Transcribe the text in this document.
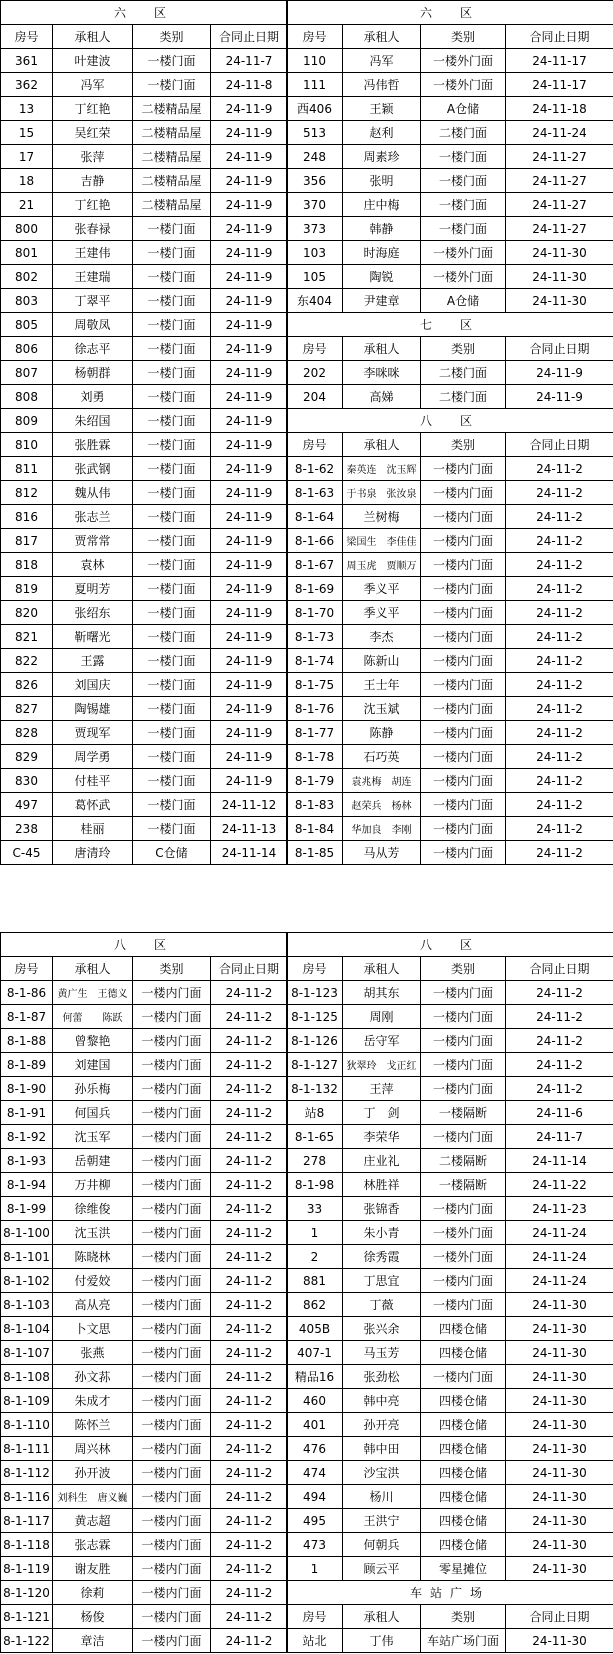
六　区			
房号	承租人	类别	合同止日期
361	叶建波	一楼门面	24-11-7
362	冯军	一楼门面	24-11-8
13	丁红艳	二楼精品屋	24-11-9
15	吴红荣	二楼精品屋	24-11-9
17	张萍	二楼精品屋	24-11-9
18	吉静	二楼精品屋	24-11-9
21	丁红艳	二楼精品屋	24-11-9
800	张春禄	一楼门面	24-11-9
801	王建伟	一楼门面	24-11-9
802	王建瑞	一楼门面	24-11-9
803	丁翠平	一楼门面	24-11-9
805	周敬凤	一楼门面	24-11-9
806	徐志平	一楼门面	24-11-9
807	杨朝群	一楼门面	24-11-9
808	刘勇	一楼门面	24-11-9
809	朱绍国	一楼门面	24-11-9
810	张胜霖	一楼门面	24-11-9
811	张武钢	一楼门面	24-11-9
812	魏从伟	一楼门面	24-11-9
816	张志兰	一楼门面	24-11-9
817	贾常常	一楼门面	24-11-9
818	袁林	一楼门面	24-11-9
819	夏明芳	一楼门面	24-11-9
820	张绍东	一楼门面	24-11-9
821	靳曙光	一楼门面	24-11-9
822	王露	一楼门面	24-11-9
826	刘国庆	一楼门面	24-11-9
827	陶锡雄	一楼门面	24-11-9
828	贾现军	一楼门面	24-11-9
829	周学勇	一楼门面	24-11-9
830	付桂平	一楼门面	24-11-9
497	葛怀武	一楼门面	24-11-12
238	桂丽	一楼门面	24-11-13
C-45	唐清玲	C仓储	24-11-14
六　区			
房号	承租人	类别	合同止日期
110	冯军	一楼外门面	24-11-17
111	冯伟哲	一楼外门面	24-11-17
西406	王颖	A仓储	24-11-18
513	赵利	二楼门面	24-11-24
248	周素珍	一楼门面	24-11-27
356	张明	一楼门面	24-11-27
370	庄中梅	一楼门面	24-11-27
373	韩静	一楼门面	24-11-27
103	时海庭	一楼外门面	24-11-30
105	陶锐	一楼外门面	24-11-30
东404	尹建章	A仓储	24-11-30
七　区			
房号	承租人	类别	合同止日期
202	李咪咪	二楼门面	24-11-9
204	高娣	二楼门面	24-11-9
八　区			
房号	承租人	类别	合同止日期
8-1-62	秦英连　沈玉辉	一楼内门面	24-11-2
8-1-63	于书泉　张汝泉	一楼内门面	24-11-2
8-1-64	兰树梅	一楼内门面	24-11-2
8-1-66	梁国生　李佳佳	一楼内门面	24-11-2
8-1-67	周玉虎　贾顺万	一楼内门面	24-11-2
8-1-69	季义平	一楼内门面	24-11-2
8-1-70	季义平	一楼内门面	24-11-2
8-1-73	李杰	一楼内门面	24-11-2
8-1-74	陈新山	一楼内门面	24-11-2
8-1-75	王士年	一楼内门面	24-11-2
8-1-76	沈玉斌	一楼内门面	24-11-2
8-1-77	陈静	一楼内门面	24-11-2
8-1-78	石巧英	一楼内门面	24-11-2
8-1-79	袁兆梅　胡连	一楼内门面	24-11-2
8-1-83	赵荣兵　杨林	一楼内门面	24-11-2
8-1-84	华加良　李刚	一楼内门面	24-11-2
8-1-85	马从芳	一楼内门面	24-11-2
八　区			
房号	承租人	类别	合同止日期
8-1-86	黄广生　王德义	一楼内门面	24-11-2
8-1-87	何蕾　　陈跃	一楼内门面	24-11-2
8-1-88	曾黎艳	一楼内门面	24-11-2
8-1-89	刘建国	一楼内门面	24-11-2
8-1-90	孙乐梅	一楼内门面	24-11-2
8-1-91	何国兵	一楼内门面	24-11-2
8-1-92	沈玉军	一楼内门面	24-11-2
8-1-93	岳朝建	一楼内门面	24-11-2
8-1-94	万井柳	一楼内门面	24-11-2
8-1-99	徐维俊	一楼内门面	24-11-2
8-1-100	沈玉洪	一楼内门面	24-11-2
8-1-101	陈晓林	一楼内门面	24-11-2
8-1-102	付爱姣	一楼内门面	24-11-2
8-1-103	高从亮	一楼内门面	24-11-2
8-1-104	卜文思	一楼内门面	24-11-2
8-1-107	张燕	一楼内门面	24-11-2
8-1-108	孙文荪	一楼内门面	24-11-2
8-1-109	朱成才	一楼内门面	24-11-2
8-1-110	陈怀兰	一楼内门面	24-11-2
8-1-111	周兴林	一楼内门面	24-11-2
8-1-112	孙开波	一楼内门面	24-11-2
8-1-116	刘科生　唐义巍	一楼内门面	24-11-2
8-1-117	黄志超	一楼内门面	24-11-2
8-1-118	张志霖	一楼内门面	24-11-2
8-1-119	谢友胜	一楼内门面	24-11-2
8-1-120	徐莉	一楼内门面	24-11-2
8-1-121	杨俊	一楼内门面	24-11-2
8-1-122	章洁	一楼内门面	24-11-2
八　区			
房号	承租人	类别	合同止日期
8-1-123	胡其东	一楼内门面	24-11-2
8-1-125	周刚	一楼内门面	24-11-2
8-1-126	岳守军	一楼内门面	24-11-2
8-1-127	狄翠玲　戈正红	一楼内门面	24-11-2
8-1-132	王萍	一楼内门面	24-11-2
站8	丁　剑	一楼隔断	24-11-6
8-1-65	李荣华	一楼内门面	24-11-7
278	庄业礼	二楼隔断	24-11-14
8-1-98	林胜祥	一楼隔断	24-11-22
33	张锦香	一楼内门面	24-11-23
1	朱小青	一楼外门面	24-11-24
2	徐秀霞	一楼外门面	24-11-24
881	丁思宜	一楼内门面	24-11-24
862	丁薇	一楼内门面	24-11-30
405B	张兴余	四楼仓储	24-11-30
407-1	马玉芳	四楼仓储	24-11-30
精品16	张劲松	一楼内门面	24-11-30
460	韩中亮	四楼仓储	24-11-30
401	孙开亮	四楼仓储	24-11-30
476	韩中田	四楼仓储	24-11-30
474	沙宝洪	四楼仓储	24-11-30
494	杨川	四楼仓储	24-11-30
495	王洪宁	四楼仓储	24-11-30
473	何朝兵	四楼仓储	24-11-30
1	顾云平	零星摊位	24-11-30
车站广场			
房号	承租人	类别	合同止日期
站北	丁伟	车站广场门面	24-11-30
